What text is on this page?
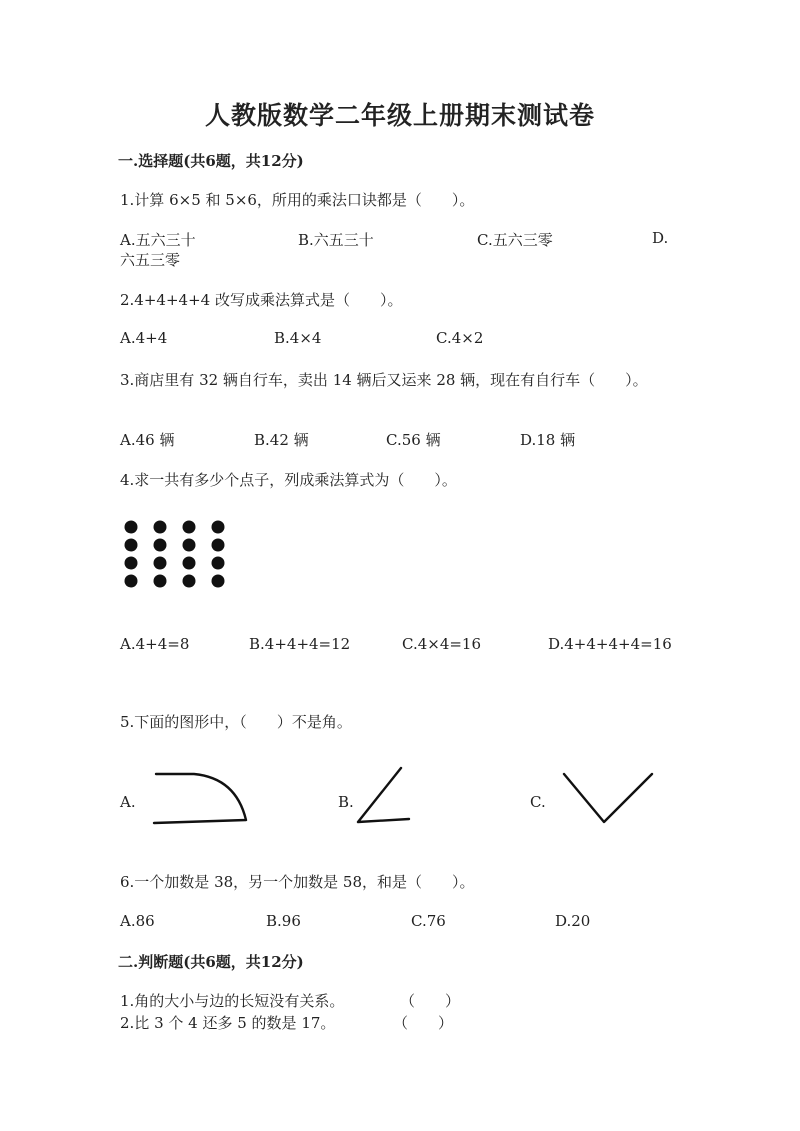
人教版数学二年级上册期末测试卷
一.选择题(共6题，共12分)
1.计算 6×5 和 5×6，所用的乘法口诀都是（　　）。
A.五六三十	B.六五三十	C.五六三零	D.
六五三零
2.4+4+4+4 改写成乘法算式是（　　）。
A.4+4	B.4×4	C.4×2
3.商店里有 32 辆自行车，卖出 14 辆后又运来 28 辆，现在有自行车（　　）。
A.46 辆	B.42 辆	C.56 辆	D.18 辆
4.求一共有多少个点子，列成乘法算式为（　　）。
A.4+4=8	B.4+4+4=12	C.4×4=16	D.4+4+4+4=16
5.下面的图形中，（　　）不是角。
A.	B.	C.
6.一个加数是 38，另一个加数是 58，和是（　　）。
A.86	B.96	C.76	D.20
二.判断题(共6题，共12分)
1.角的大小与边的长短没有关系。	（　　）
2.比 3 个 4 还多 5 的数是 17。	（　　）
